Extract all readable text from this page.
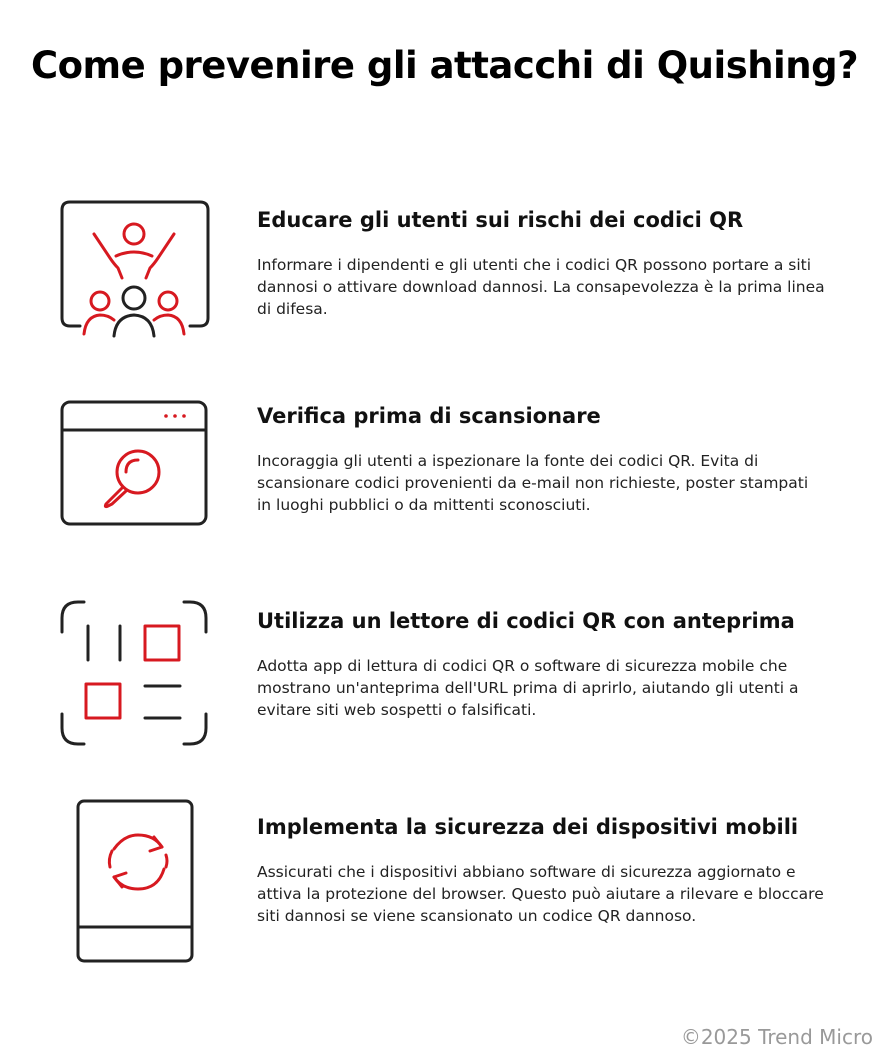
Come prevenire gli attacchi di Quishing?
Educare gli utenti sui rischi dei codici QR

Informare i dipendenti e gli utenti che i codici QR possono portare a siti dannosi o attivare download dannosi. La consapevolezza è la prima linea di difesa.

Verifica prima di scansionare

Incoraggia gli utenti a ispezionare la fonte dei codici QR. Evita di scansionare codici provenienti da e-mail non richieste, poster stampati in luoghi pubblici o da mittenti sconosciuti.

Utilizza un lettore di codici QR con anteprima

Adotta app di lettura di codici QR o software di sicurezza mobile che mostrano un'anteprima dell'URL prima di aprirlo, aiutando gli utenti a evitare siti web sospetti o falsificati.

Implementa la sicurezza dei dispositivi mobili

Assicurati che i dispositivi abbiano software di sicurezza aggiornato e attiva la protezione del browser. Questo può aiutare a rilevare e bloccare siti dannosi se viene scansionato un codice QR dannoso.

©2025 Trend Micro
